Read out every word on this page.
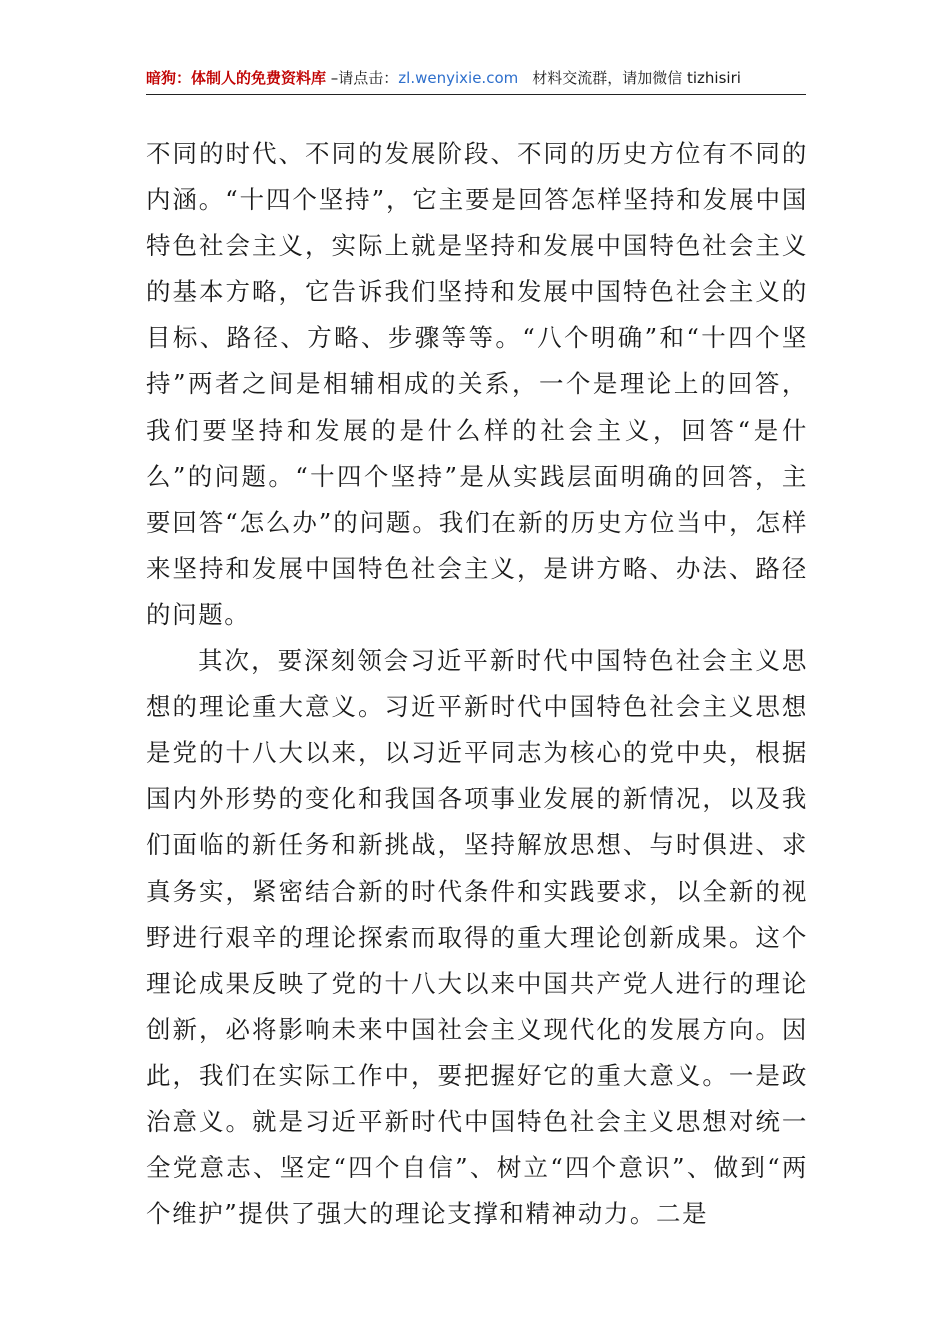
暗狗：体制人的免费资料库 –请点击：zl.wenyixie.com 材料交流群，请加微信 tizhisiri

不同的时代、不同的发展阶段、不同的历史方位有不同的内涵。“十四个坚持”，它主要是回答怎样坚持和发展中国特色社会主义，实际上就是坚持和发展中国特色社会主义的基本方略，它告诉我们坚持和发展中国特色社会主义的目标、路径、方略、步骤等等。“八个明确”和“十四个坚持”两者之间是相辅相成的关系，一个是理论上的回答，我们要坚持和发展的是什么样的社会主义，回答“是什么”的问题。“十四个坚持”是从实践层面明确的回答，主要回答“怎么办”的问题。我们在新的历史方位当中，怎样来坚持和发展中国特色社会主义，是讲方略、办法、路径的问题。

其次，要深刻领会习近平新时代中国特色社会主义思想的理论重大意义。习近平新时代中国特色社会主义思想是党的十八大以来，以习近平同志为核心的党中央，根据国内外形势的变化和我国各项事业发展的新情况，以及我们面临的新任务和新挑战，坚持解放思想、与时俱进、求真务实，紧密结合新的时代条件和实践要求，以全新的视野进行艰辛的理论探索而取得的重大理论创新成果。这个理论成果反映了党的十八大以来中国共产党人进行的理论创新，必将影响未来中国社会主义现代化的发展方向。因此，我们在实际工作中，要把握好它的重大意义。一是政治意义。就是习近平新时代中国特色社会主义思想对统一全党意志、坚定“四个自信”、树立“四个意识”、做到“两个维护”提供了强大的理论支撑和精神动力。二是
